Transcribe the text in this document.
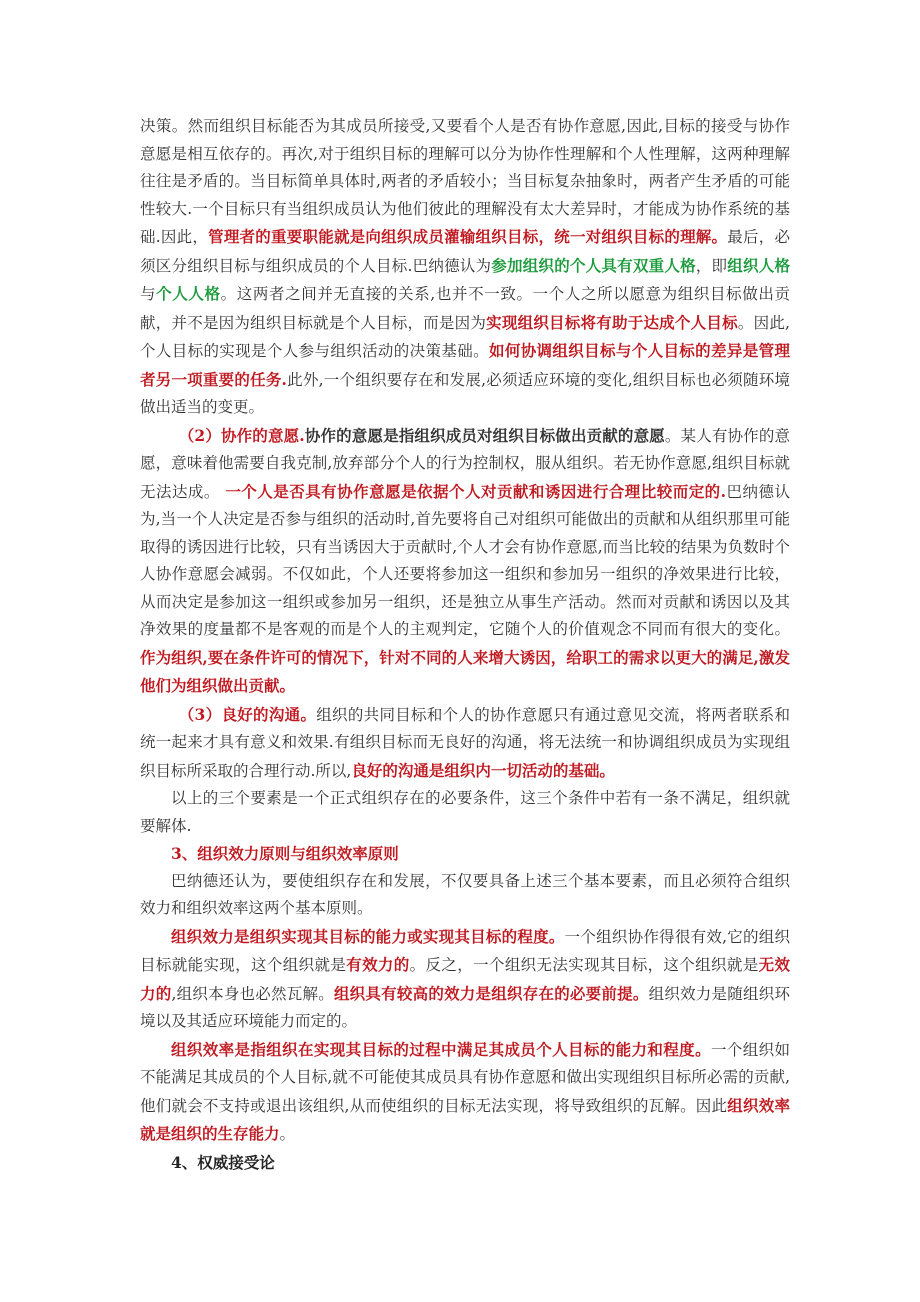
决策。然而组织目标能否为其成员所接受,又要看个人是否有协作意愿,因此,目标的接受与协作意愿是相互依存的。再次,对于组织目标的理解可以分为协作性理解和个人性理解，这两种理解往往是矛盾的。当目标简单具体时,两者的矛盾较小；当目标复杂抽象时，两者产生矛盾的可能性较大.一个目标只有当组织成员认为他们彼此的理解没有太大差异时，才能成为协作系统的基础.因此，管理者的重要职能就是向组织成员灌输组织目标，统一对组织目标的理解。最后，必须区分组织目标与组织成员的个人目标.巴纳德认为参加组织的个人具有双重人格，即组织人格与个人人格。这两者之间并无直接的关系,也并不一致。一个人之所以愿意为组织目标做出贡献，并不是因为组织目标就是个人目标，而是因为实现组织目标将有助于达成个人目标。因此,个人目标的实现是个人参与组织活动的决策基础。如何协调组织目标与个人目标的差异是管理者另一项重要的任务.此外,一个组织要存在和发展,必须适应环境的变化,组织目标也必须随环境做出适当的变更。

（2）协作的意愿.协作的意愿是指组织成员对组织目标做出贡献的意愿。某人有协作的意愿，意味着他需要自我克制,放弃部分个人的行为控制权，服从组织。若无协作意愿,组织目标就无法达成。 一个人是否具有协作意愿是依据个人对贡献和诱因进行合理比较而定的.巴纳德认为,当一个人决定是否参与组织的活动时,首先要将自己对组织可能做出的贡献和从组织那里可能取得的诱因进行比较，只有当诱因大于贡献时,个人才会有协作意愿,而当比较的结果为负数时个人协作意愿会减弱。不仅如此，个人还要将参加这一组织和参加另一组织的净效果进行比较，从而决定是参加这一组织或参加另一组织，还是独立从事生产活动。然而对贡献和诱因以及其净效果的度量都不是客观的而是个人的主观判定，它随个人的价值观念不同而有很大的变化。作为组织,要在条件许可的情况下，针对不同的人来增大诱因，给职工的需求以更大的满足,激发他们为组织做出贡献。

（3）良好的沟通。组织的共同目标和个人的协作意愿只有通过意见交流，将两者联系和统一起来才具有意义和效果.有组织目标而无良好的沟通，将无法统一和协调组织成员为实现组织目标所采取的合理行动.所以,良好的沟通是组织内一切活动的基础。

以上的三个要素是一个正式组织存在的必要条件，这三个条件中若有一条不满足，组织就要解体.

3、组织效力原则与组织效率原则

巴纳德还认为，要使组织存在和发展，不仅要具备上述三个基本要素，而且必须符合组织效力和组织效率这两个基本原则。

组织效力是组织实现其目标的能力或实现其目标的程度。一个组织协作得很有效,它的组织目标就能实现，这个组织就是有效力的。反之，一个组织无法实现其目标，这个组织就是无效力的,组织本身也必然瓦解。组织具有较高的效力是组织存在的必要前提。组织效力是随组织环境以及其适应环境能力而定的。

组织效率是指组织在实现其目标的过程中满足其成员个人目标的能力和程度。一个组织如不能满足其成员的个人目标,就不可能使其成员具有协作意愿和做出实现组织目标所必需的贡献,他们就会不支持或退出该组织,从而使组织的目标无法实现，将导致组织的瓦解。因此组织效率就是组织的生存能力。

4、权威接受论
